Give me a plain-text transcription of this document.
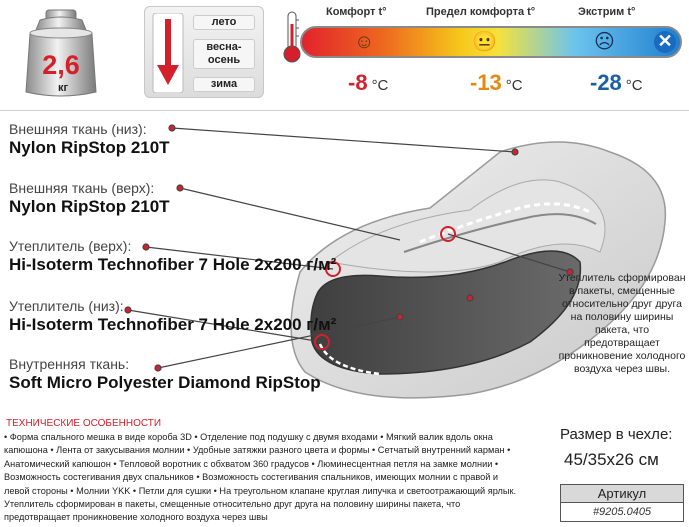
2,6
кг
лето
весна-
осень
зима
Комфорт t°	Предел комфорта t°	Экстрим t°
☺	😐	☹ ✕
-8 °C	-13 °C	-28 °C
Внешняя ткань (низ):
Nylon RipStop 210T
Внешняя ткань (верх):
Nylon RipStop 210T
Утеплитель (верх):
Hi-Isoterm Technofiber 7 Hole 2x200 г/м²
Утеплитель (низ):
Hi-Isoterm Technofiber 7 Hole 2x200 г/м²
Внутренняя ткань:
Soft Micro Polyester Diamond RipStop
Утеплитель сформирован в пакеты, смещенные относительно друг друга на половину ширины пакета, что предотвращает проникновение холодного воздуха через швы.
ТЕХНИЧЕСКИЕ ОСОБЕННОСТИ
• Форма спального мешка в виде короба 3D • Отделение под подушку с двумя входами • Мягкий валик вдоль окна капюшона • Лента от закусывания молнии • Удобные затяжки разного цвета и формы • Сетчатый внутренний карман • Анатомический капюшон • Тепловой воротник с обхватом 360 градусов • Люминесцентная петля на замке молнии • Возможность состегивания двух спальников • Возможность состегивания спальников, имеющих молнии с правой и левой стороны • Молнии YKK • Петли для сушки • На треугольном клапане круглая липучка и светоотражающий ярлык. Утеплитель сформирован в пакеты, смещенные относительно друг друга на половину ширины пакета, что предотвращает проникновение холодного воздуха через швы
Размер в чехле:
45/35x26 см
Артикул
#9205.0405
